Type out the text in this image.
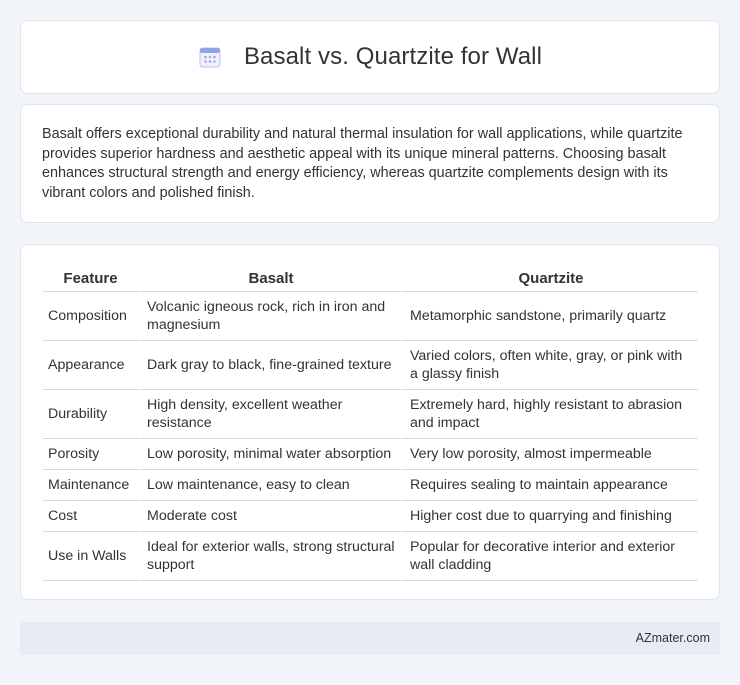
Basalt vs. Quartzite for Wall

Basalt offers exceptional durability and natural thermal insulation for wall applications, while quartzite provides superior hardness and aesthetic appeal with its unique mineral patterns. Choosing basalt enhances structural strength and energy efficiency, whereas quartzite complements design with its vibrant colors and polished finish.

Feature	Basalt	Quartzite
Composition	Volcanic igneous rock, rich in iron and magnesium	Metamorphic sandstone, primarily quartz
Appearance	Dark gray to black, fine-grained texture	Varied colors, often white, gray, or pink with a glassy finish
Durability	High density, excellent weather resistance	Extremely hard, highly resistant to abrasion and impact
Porosity	Low porosity, minimal water absorption	Very low porosity, almost impermeable
Maintenance	Low maintenance, easy to clean	Requires sealing to maintain appearance
Cost	Moderate cost	Higher cost due to quarrying and finishing
Use in Walls	Ideal for exterior walls, strong structural support	Popular for decorative interior and exterior wall cladding
AZmater.com
